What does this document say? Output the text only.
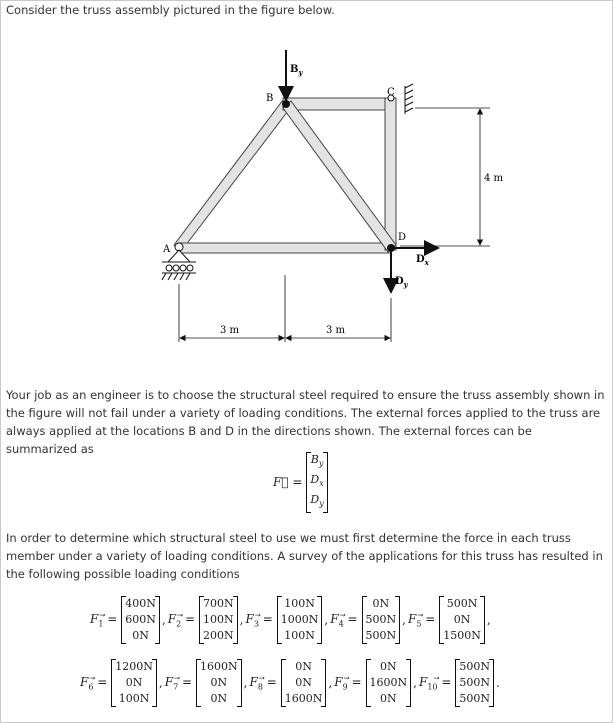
Consider the truss assembly pictured in the figure below.
A
B
C
D
$B_y$
$D_x$
$D_y$
4 m
3 m	3 m
Your job as an engineer is to choose the structural steel required to ensure the truss assembly shown in the figure will not fail under a variety of loading conditions. The external forces applied to the truss are always applied at the locations B and D in the directions shown. The external forces can be summarized as
F⃗ =
$B_y$
$D_x$
$D_y$
In order to determine which structural steel to use we must first determine the force in each truss member under a variety of loading conditions. A survey of the applications for this truss has resulted in the following possible loading conditions
$F_1⃗$ =
400N
600N
0N
, $F_2⃗$ =
700N
100N
200N
, $F_3⃗$ =
100N
1000N
100N
, $F_4⃗$ =
0N
500N
500N
, $F_5⃗$ =
500N
0N
1500N
,
$F_6⃗$ =
1200N
0N
100N
, $F_7⃗$ =
1600N
0N
0N
, $F_8⃗$ =
0N
0N
1600N
, $F_9⃗$ =
0N
1600N
0N
, $F_{10}⃗$ =
500N
500N
500N
.
